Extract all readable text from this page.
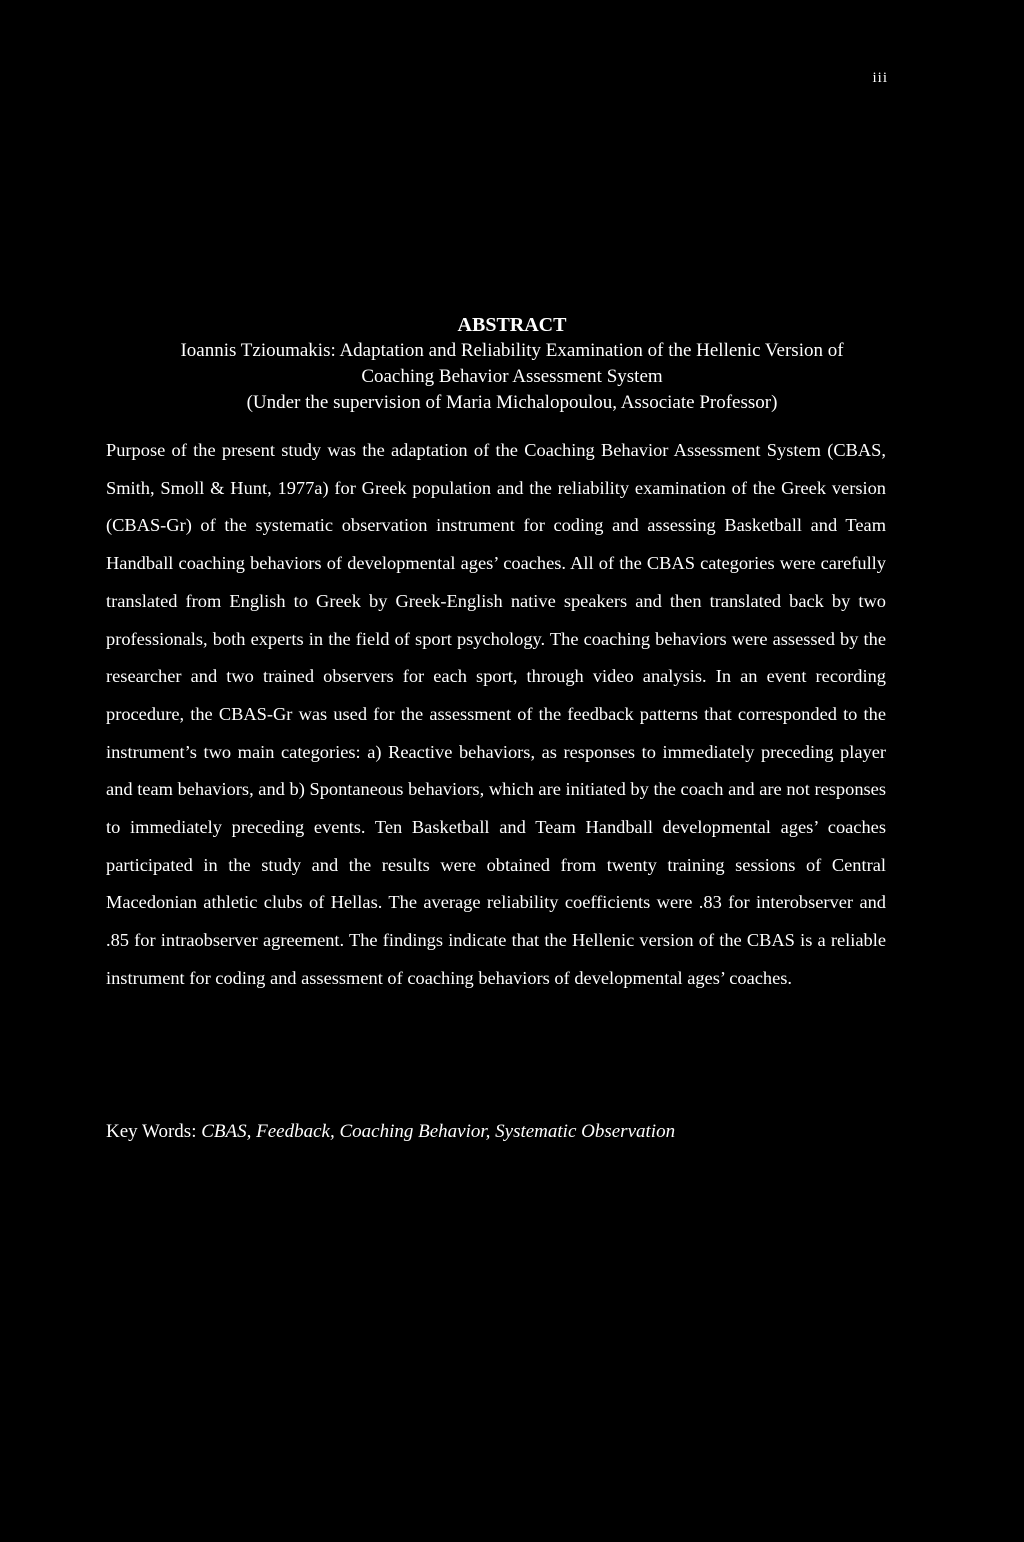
iii

ABSTRACT

Ioannis Tzioumakis: Adaptation and Reliability Examination of the Hellenic Version of

Coaching Behavior Assessment System

(Under the supervision of Maria Michalopoulou, Associate Professor)

Purpose of the present study was the adaptation of the Coaching Behavior Assessment System (CBAS, Smith, Smoll & Hunt, 1977a) for Greek population and the reliability examination of the Greek version (CBAS-Gr) of the systematic observation instrument for coding and assessing Basketball and Team Handball coaching behaviors of developmental ages’ coaches. All of the CBAS categories were carefully translated from English to Greek by Greek-English native speakers and then translated back by two professionals, both experts in the field of sport psychology. The coaching behaviors were assessed by the researcher and two trained observers for each sport, through video analysis. In an event recording procedure, the CBAS-Gr was used for the assessment of the feedback patterns that corresponded to the instrument’s two main categories: a) Reactive behaviors, as responses to immediately preceding player and team behaviors, and b) Spontaneous behaviors, which are initiated by the coach and are not responses to immediately preceding events. Ten Basketball and Team Handball developmental ages’ coaches participated in the study and the results were obtained from twenty training sessions of Central Macedonian athletic clubs of Hellas. The average reliability coefficients were .83 for interobserver and .85 for intraobserver agreement. The findings indicate that the Hellenic version of the CBAS is a reliable instrument for coding and assessment of coaching behaviors of developmental ages’ coaches.

Key Words: CBAS, Feedback, Coaching Behavior, Systematic Observation
